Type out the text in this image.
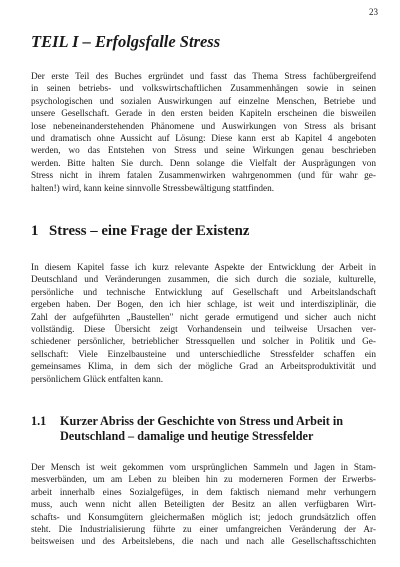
23
TEIL I – Erfolgsfalle Stress
Der erste Teil des Buches ergründet und fasst das Thema Stress fachübergreifend
in seinen betriebs- und volkswirtschaftlichen Zusammenhängen sowie in seinen
psychologischen und sozialen Auswirkungen auf einzelne Menschen, Betriebe und
unsere Gesellschaft. Gerade in den ersten beiden Kapiteln erscheinen die bisweilen
lose nebeneinanderstehenden Phänomene und Auswirkungen von Stress als brisant
und dramatisch ohne Aussicht auf Lösung: Diese kann erst ab Kapitel 4 angeboten
werden, wo das Entstehen von Stress und seine Wirkungen genau beschrieben
werden. Bitte halten Sie durch. Denn solange die Vielfalt der Ausprägungen von
Stress nicht in ihrem fatalen Zusammenwirken wahrgenommen (und für wahr ge-
halten!) wird, kann keine sinnvolle Stressbewältigung stattfinden.
1 Stress – eine Frage der Existenz
In diesem Kapitel fasse ich kurz relevante Aspekte der Entwicklung der Arbeit in
Deutschland und Veränderungen zusammen, die sich durch die soziale, kulturelle,
persönliche und technische Entwicklung auf Gesellschaft und Arbeitslandschaft
ergeben haben. Der Bogen, den ich hier schlage, ist weit und interdisziplinär, die
Zahl der aufgeführten „Baustellen" nicht gerade ermutigend und sicher auch nicht
vollständig. Diese Übersicht zeigt Vorhandensein und teilweise Ursachen ver-
schiedener persönlicher, betrieblicher Stressquellen und solcher in Politik und Ge-
sellschaft: Viele Einzelbausteine und unterschiedliche Stressfelder schaffen ein
gemeinsames Klima, in dem sich der mögliche Grad an Arbeitsproduktivität und
persönlichem Glück entfalten kann.
1.1	Kurzer Abriss der Geschichte von Stress und Arbeit in
Deutschland – damalige und heutige Stressfelder
Der Mensch ist weit gekommen vom ursprünglichen Sammeln und Jagen in Stam-
mesverbänden, um am Leben zu bleiben hin zu moderneren Formen der Erwerbs-
arbeit innerhalb eines Sozialgefüges, in dem faktisch niemand mehr verhungern
muss, auch wenn nicht allen Beteiligten der Besitz an allen verfügbaren Wirt-
schafts- und Konsumgütern gleichermaßen möglich ist; jedoch grundsätzlich offen
steht. Die Industrialisierung führte zu einer umfangreichen Veränderung der Ar-
beitsweisen und des Arbeitslebens, die nach und nach alle Gesellschaftsschichten
